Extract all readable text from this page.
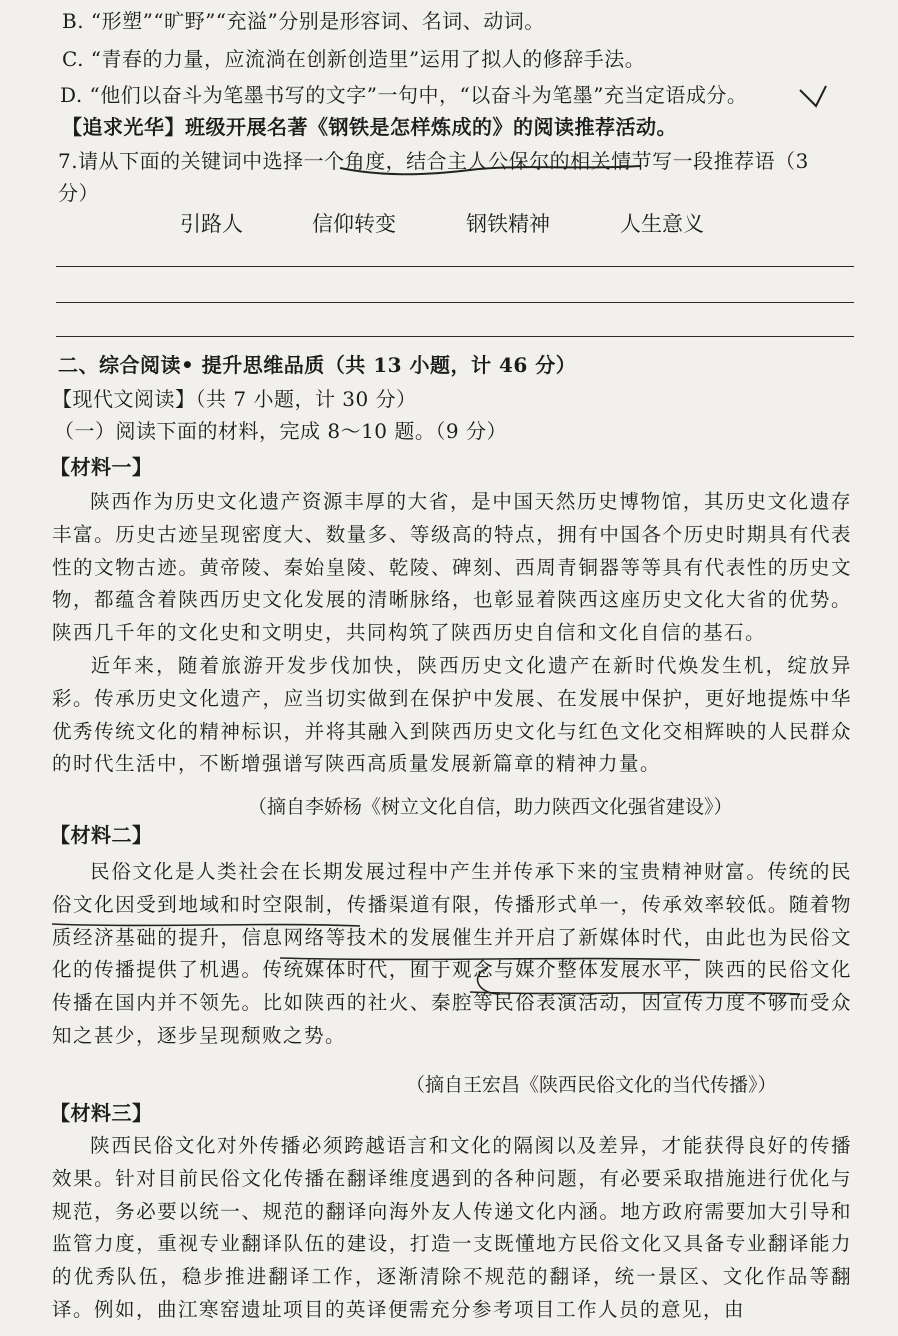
B. “形塑”“旷野”“充溢”分别是形容词、名词、动词。
C. “青春的力量，应流淌在创新创造里”运用了拟人的修辞手法。
D. “他们以奋斗为笔墨书写的文字”一句中，“以奋斗为笔墨”充当定语成分。
【追求光华】班级开展名著《钢铁是怎样炼成的》的阅读推荐活动。
7.请从下面的关键词中选择一个角度，结合主人公保尔的相关情节写一段推荐语（3
分）
引路人	信仰转变	钢铁精神	人生意义
二、综合阅读• 提升思维品质（共 13 小题，计 46 分）
【现代文阅读】（共 7 小题，计 30 分）
（一）阅读下面的材料，完成 8～10 题。（9 分）
【材料一】
陕西作为历史文化遗产资源丰厚的大省，是中国天然历史博物馆，其历史文化遗存丰富。历史古迹呈现密度大、数量多、等级高的特点，拥有中国各个历史时期具有代表性的文物古迹。黄帝陵、秦始皇陵、乾陵、碑刻、西周青铜器等等具有代表性的历史文物，都蕴含着陕西历史文化发展的清晰脉络，也彰显着陕西这座历史文化大省的优势。陕西几千年的文化史和文明史，共同构筑了陕西历史自信和文化自信的基石。
近年来，随着旅游开发步伐加快，陕西历史文化遗产在新时代焕发生机，绽放异彩。传承历史文化遗产，应当切实做到在保护中发展、在发展中保护，更好地提炼中华优秀传统文化的精神标识，并将其融入到陕西历史文化与红色文化交相辉映的人民群众的时代生活中，不断增强谱写陕西高质量发展新篇章的精神力量。
（摘自李娇杨《树立文化自信，助力陕西文化强省建设》）
【材料二】
民俗文化是人类社会在长期发展过程中产生并传承下来的宝贵精神财富。传统的民俗文化因受到地域和时空限制，传播渠道有限，传播形式单一，传承效率较低。随着物质经济基础的提升，信息网络等技术的发展催生并开启了新媒体时代，由此也为民俗文化的传播提供了机遇。传统媒体时代，囿于观念与媒介整体发展水平，陕西的民俗文化传播在国内并不领先。比如陕西的社火、秦腔等民俗表演活动，因宣传力度不够而受众知之甚少，逐步呈现颓败之势。
（摘自王宏昌《陕西民俗文化的当代传播》）
【材料三】
陕西民俗文化对外传播必须跨越语言和文化的隔阂以及差异，才能获得良好的传播效果。针对目前民俗文化传播在翻译维度遇到的各种问题，有必要采取措施进行优化与规范，务必要以统一、规范的翻译向海外友人传递文化内涵。地方政府需要加大引导和监管力度，重视专业翻译队伍的建设，打造一支既懂地方民俗文化又具备专业翻译能力的优秀队伍，稳步推进翻译工作，逐渐清除不规范的翻译，统一景区、文化作品等翻译。例如，曲江寒窑遗址项目的英译便需充分参考项目工作人员的意见，由
